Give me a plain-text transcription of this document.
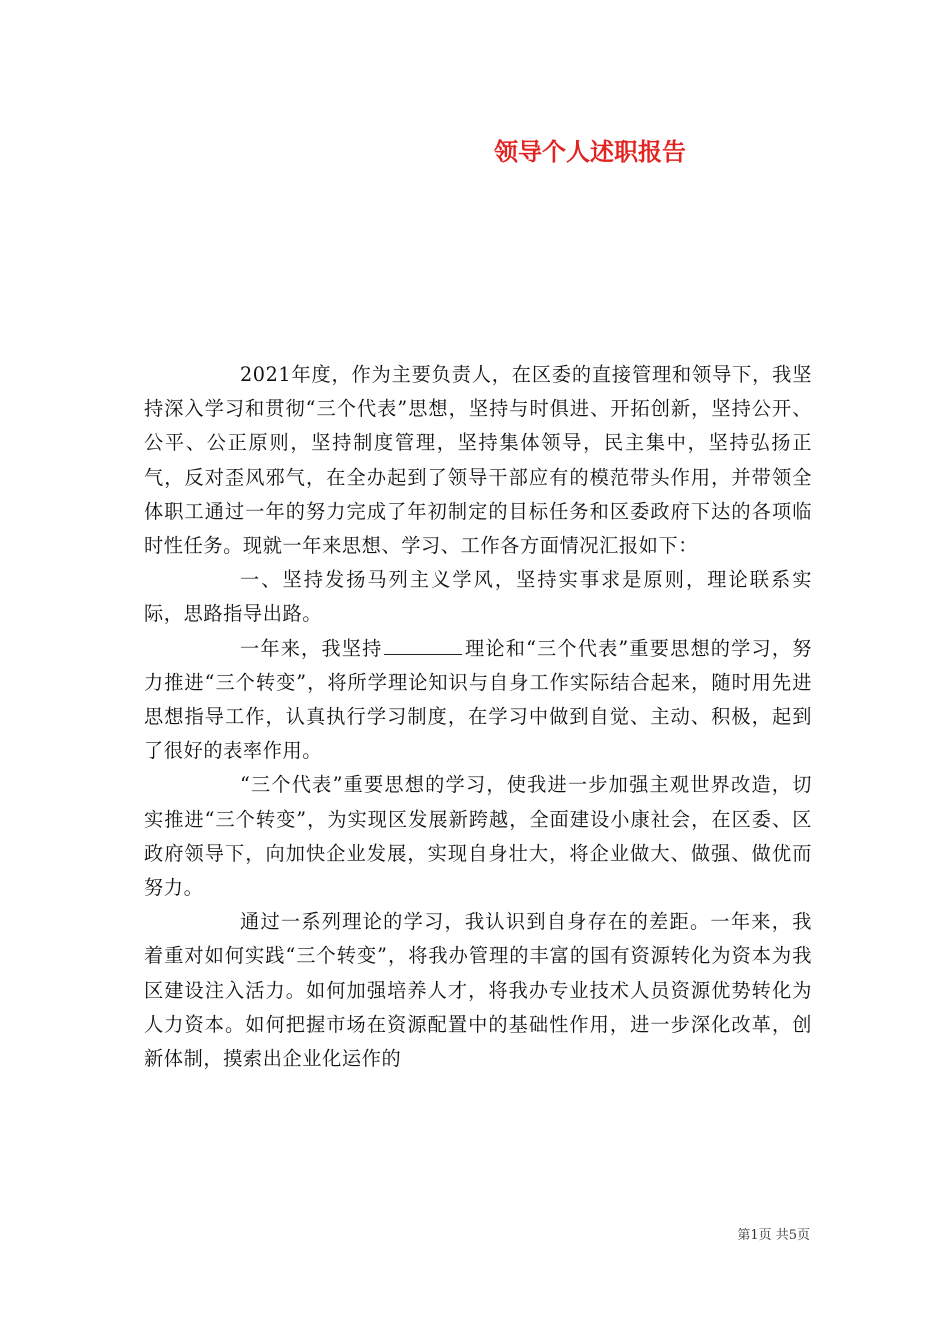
领导个人述职报告

2021年度，作为主要负责人，在区委的直接管理和领导下，我坚持深入学习和贯彻“三个代表”思想，坚持与时俱进、开拓创新，坚持公开、公平、公正原则，坚持制度管理，坚持集体领导，民主集中，坚持弘扬正气，反对歪风邪气，在全办起到了领导干部应有的模范带头作用，并带领全体职工通过一年的努力完成了年初制定的目标任务和区委政府下达的各项临时性任务。现就一年来思想、学习、工作各方面情况汇报如下：

一、坚持发扬马列主义学风，坚持实事求是原则，理论联系实际，思路指导出路。

一年来，我坚持	理论和“三个代表”重要思想的学习，努力推进“三个转变”，将所学理论知识与自身工作实际结合起来，随时用先进思想指导工作，认真执行学习制度，在学习中做到自觉、主动、积极，起到了很好的表率作用。

“三个代表”重要思想的学习，使我进一步加强主观世界改造，切实推进“三个转变”，为实现区发展新跨越，全面建设小康社会，在区委、区政府领导下，向加快企业发展，实现自身壮大，将企业做大、做强、做优而努力。

通过一系列理论的学习，我认识到自身存在的差距。一年来，我着重对如何实践“三个转变”，将我办管理的丰富的国有资源转化为资本为我区建设注入活力。如何加强培养人才，将我办专业技术人员资源优势转化为人力资本。如何把握市场在资源配置中的基础性作用，进一步深化改革，创新体制，摸索出企业化运作的

第1页 共5页
